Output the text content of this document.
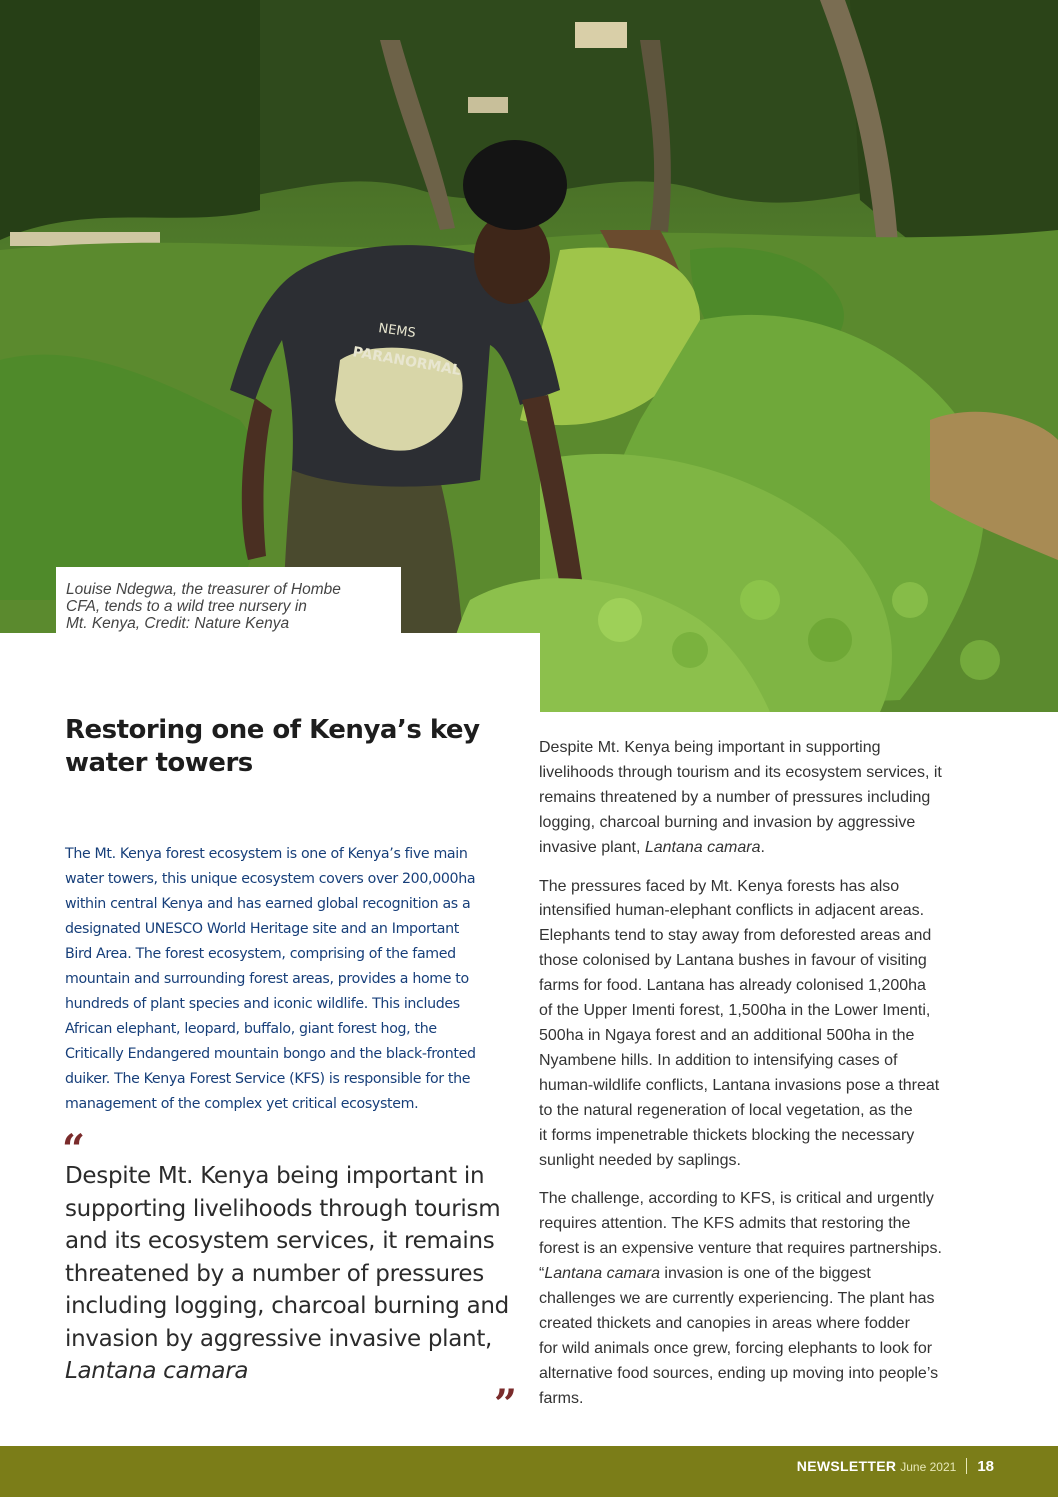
NEMS
PARANORMAL
Louise Ndegwa, the treasurer of Hombe
CFA, tends to a wild tree nursery in
Mt. Kenya, Credit: Nature Kenya
Restoring one of Kenya’s key
water towers
The Mt. Kenya forest ecosystem is one of Kenya’s five main
water towers, this unique ecosystem covers over 200,000ha
within central Kenya and has earned global recognition as a
designated UNESCO World Heritage site and an Important
Bird Area. The forest ecosystem, comprising of the famed
mountain and surrounding forest areas, provides a home to
hundreds of plant species and iconic wildlife. This includes
African elephant, leopard, buffalo, giant forest hog, the
Critically Endangered mountain bongo and the black-fronted
duiker. The Kenya Forest Service (KFS) is responsible for the
management of the complex yet critical ecosystem.
“
Despite Mt. Kenya being important in
supporting livelihoods through tourism
and its ecosystem services, it remains
threatened by a number of pressures
including logging, charcoal burning and
invasion by aggressive invasive plant,
Lantana camara
”

Despite Mt. Kenya being important in supporting
livelihoods through tourism and its ecosystem services, it
remains threatened by a number of pressures including
logging, charcoal burning and invasion by aggressive
invasive plant, Lantana camara.

The pressures faced by Mt. Kenya forests has also
intensified human-elephant conflicts in adjacent areas.
Elephants tend to stay away from deforested areas and
those colonised by Lantana bushes in favour of visiting
farms for food. Lantana has already colonised 1,200ha
of the Upper Imenti forest, 1,500ha in the Lower Imenti,
500ha in Ngaya forest and an additional 500ha in the
Nyambene hills. In addition to intensifying cases of
human-wildlife conflicts, Lantana invasions pose a threat
to the natural regeneration of local vegetation, as the
it forms impenetrable thickets blocking the necessary
sunlight needed by saplings.

The challenge, according to KFS, is critical and urgently
requires attention. The KFS admits that restoring the
forest is an expensive venture that requires partnerships.
“Lantana camara invasion is one of the biggest
challenges we are currently experiencing. The plant has
created thickets and canopies in areas where fodder
for wild animals once grew, forcing elephants to look for
alternative food sources, ending up moving into people’s
farms.

NEWSLETTER June 2021 18
